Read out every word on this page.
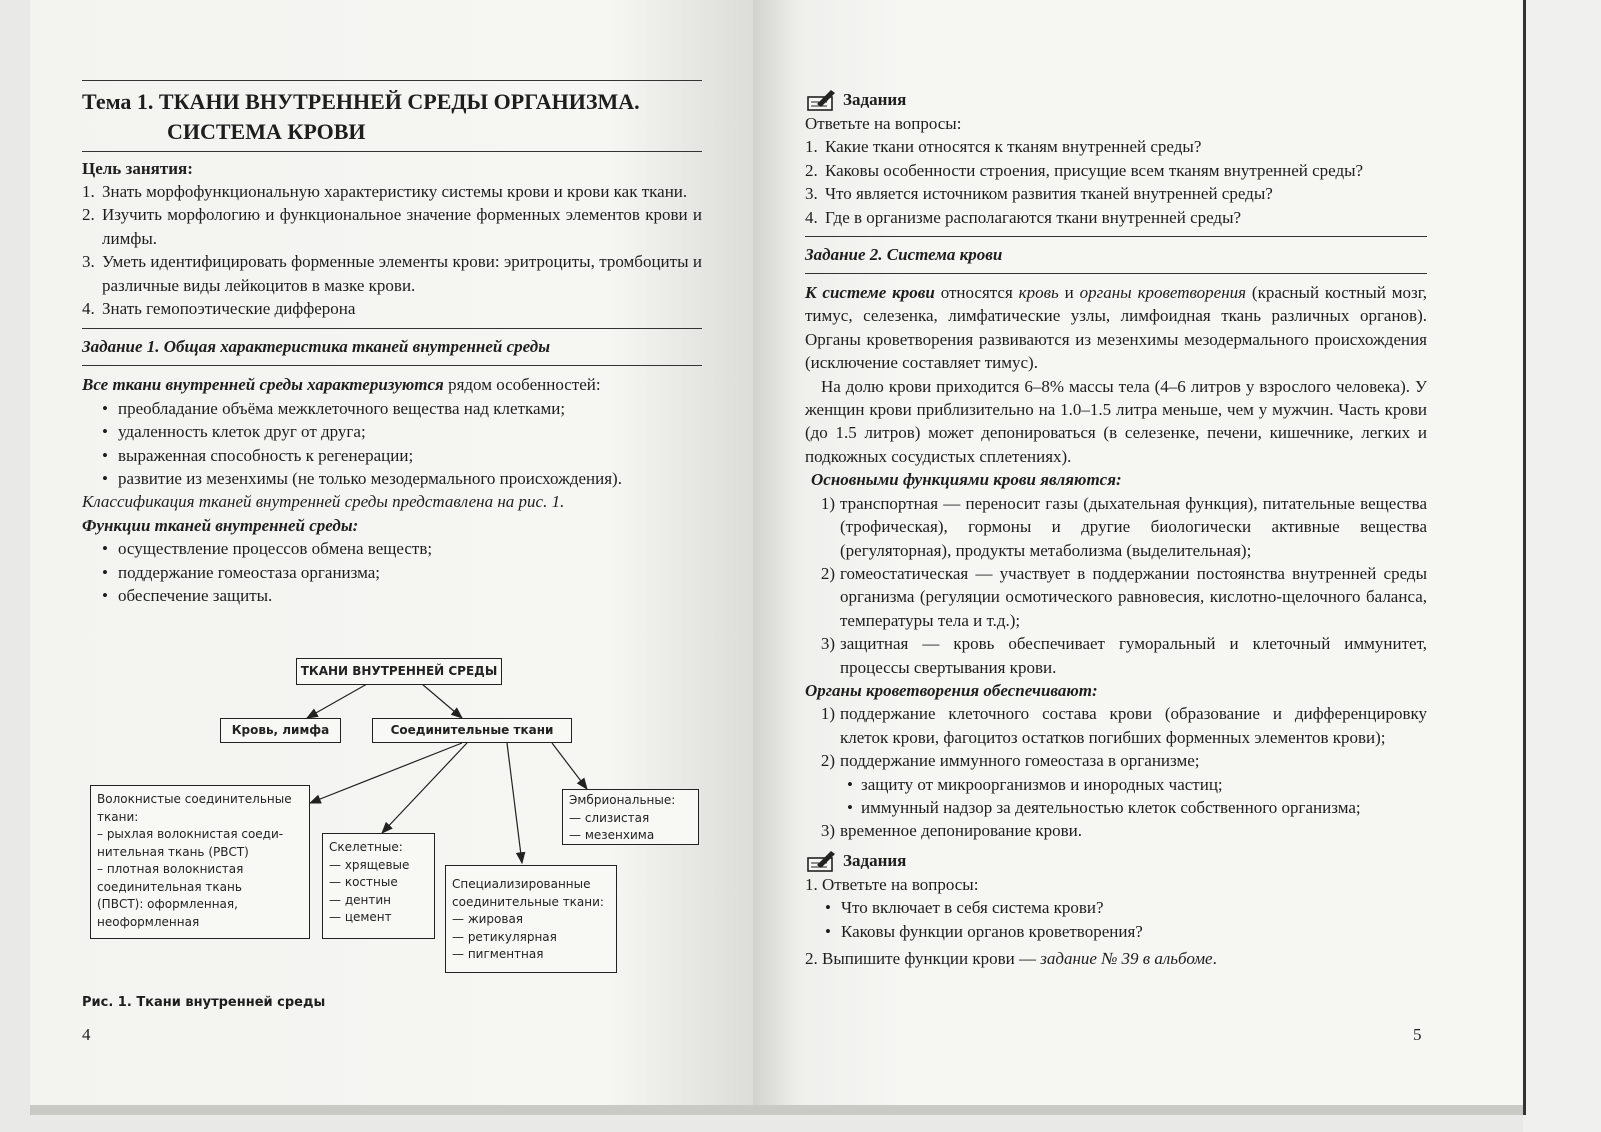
Тема 1. ТКАНИ ВНУТРЕННЕЙ СРЕДЫ ОРГАНИЗМА.
СИСТЕМА КРОВИ
Цель занятия:
1. Знать морфофункциональную характеристику системы крови и крови как ткани.
2. Изучить морфологию и функциональное значение форменных элементов крови и лимфы.
3. Уметь идентифицировать форменные элементы крови: эритроциты, тромбоциты и различные виды лейкоцитов в мазке крови.
4. Знать гемопоэтические дифферона
Задание 1. Общая характеристика тканей внутренней среды

Все ткани внутренней среды характеризуются рядом особенностей:

• преобладание объёма межклеточного вещества над клетками;
• удаленность клеток друг от друга;
• выраженная способность к регенерации;
• развитие из мезенхимы (не только мезодермального происхождения).

Классификация тканей внутренней среды представлена на рис. 1.

Функции тканей внутренней среды:

• осуществление процессов обмена веществ;
• поддержание гомеостаза организма;
• обеспечение защиты.
ТКАНИ ВНУТРЕННЕЙ СРЕДЫ
Кровь, лимфа	Соединительные ткани
Волокнистые соединительные
ткани:
– рыхлая волокнистая соеди-
нительная ткань (РВСТ)
– плотная волокнистая
соединительная ткань
(ПВСТ): оформленная,
неоформленная
Скелетные:
— хрящевые
— костные
— дентин
— цемент
Специализированные
соединительные ткани:
— жировая
— ретикулярная
— пигментная
Эмбриональные:
— слизистая
— мезенхима
Рис. 1. Ткани внутренней среды
4
Задания

Ответьте на вопросы:

1. Какие ткани относятся к тканям внутренней среды?
2. Каковы особенности строения, присущие всем тканям внутренней среды?
3. Что является источником развития тканей внутренней среды?
4. Где в организме располагаются ткани внутренней среды?
Задание 2. Система крови

К системе крови относятся кровь и органы кроветворения (красный костный мозг, тимус, селезенка, лимфатические узлы, лимфоидная ткань различных органов). Органы кроветворения развиваются из мезенхимы мезодермального происхождения (исключение составляет тимус).

На долю крови приходится 6–8% массы тела (4–6 литров у взрослого человека). У женщин крови приблизительно на 1.0–1.5 литра меньше, чем у мужчин. Часть крови (до 1.5 литров) может депонироваться (в селезенке, печени, кишечнике, легких и подкожных сосудистых сплетениях).

Основными функциями крови являются:

1) транспортная — переносит газы (дыхательная функция), питательные вещества (трофическая), гормоны и другие биологически активные вещества (регуляторная), продукты метаболизма (выделительная);
2) гомеостатическая — участвует в поддержании постоянства внутренней среды организма (регуляции осмотического равновесия, кислотно-щелочного баланса, температуры тела и т.д.);
3) защитная — кровь обеспечивает гуморальный и клеточный иммунитет, процессы свертывания крови.

Органы кроветворения обеспечивают:

1) поддержание клеточного состава крови (образование и дифференцировку клеток крови, фагоцитоз остатков погибших форменных элементов крови);
2) поддержание иммунного гомеостаза в организме;
• защиту от микроорганизмов и инородных частиц;
• иммунный надзор за деятельностью клеток собственного организма;
3) временное депонирование крови.
Задания

1. Ответьте на вопросы:

• Что включает в себя система крови?
• Каковы функции органов кроветворения?

2. Выпишите функции крови — задание № 39 в альбоме.

5
